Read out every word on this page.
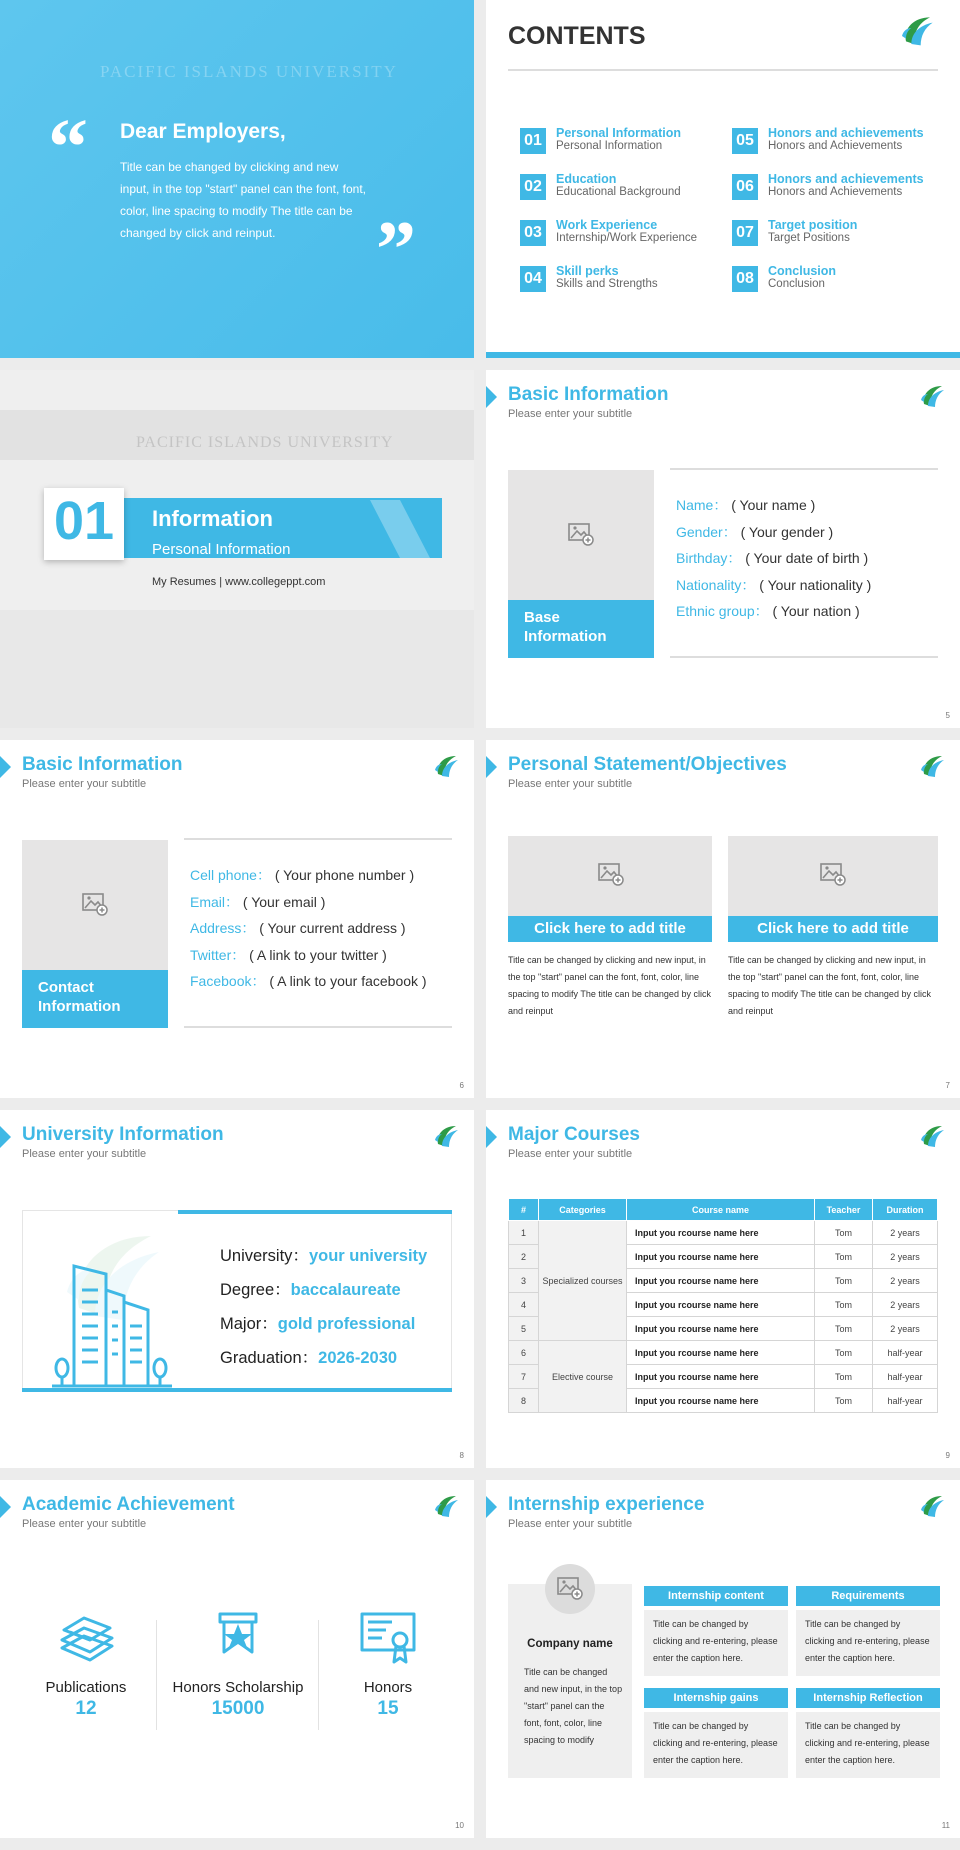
PACIFIC ISLANDS UNIVERSITY
“
”
Dear Employers,
Title can be changed by clicking and new input, in the top "start" panel can the font, font, color, line spacing to modify The title can be changed by click and reinput.
CONTENTS
01	Personal Information
Personal Information
02	Education
Educational Background
03	Work Experience
Internship/Work Experience
04	Skill perks
Skills and Strengths
05	Honors and achievements
Honors and Achievements
06	Honors and achievements
Honors and Achievements
07	Target position
Target Positions
08	Conclusion
Conclusion
PACIFIC ISLANDS UNIVERSITY
01	Information
Personal Information
My Resumes | www.collegeppt.com
Basic Information
Please enter your subtitle
Base Information
Name： ( Your name )
Gender： ( Your gender )
Birthday： ( Your date of birth )
Nationality： ( Your nationality )
Ethnic group： ( Your nation )
5
Basic Information
Please enter your subtitle
Contact Information
Cell phone： ( Your phone number )
Email： ( Your email )
Address： ( Your current address )
Twitter： ( A link to your twitter )
Facebook： ( A link to your facebook )
6
Personal Statement/Objectives
Please enter your subtitle
Click here to add title
Title can be changed by clicking and new input, in the top "start" panel can the font, font, color, line spacing to modify The title can be changed by click and reinput
Click here to add title
Title can be changed by clicking and new input, in the top "start" panel can the font, font, color, line spacing to modify The title can be changed by click and reinput
7
University Information
Please enter your subtitle
University：your university
Degree：baccalaureate
Major：gold professional
Graduation：2026-2030
8
Major Courses
Please enter your subtitle
#	Categories	Course name	Teacher	Duration
1	Specialized courses	Input you rcourse name here	Tom	2 years
2		Input you rcourse name here	Tom	2 years
3		Input you rcourse name here	Tom	2 years
4		Input you rcourse name here	Tom	2 years
5		Input you rcourse name here	Tom	2 years
6	Elective course	Input you rcourse name here	Tom	half-year
7		Input you rcourse name here	Tom	half-year
8		Input you rcourse name here	Tom	half-year
9
Academic Achievement
Please enter your subtitle
Publications
12
Honors Scholarship
15000
Honors
15
10
Internship experience
Please enter your subtitle
Company name
Title can be changed and new input, in the top "start" panel can the font, font, color, line spacing to modify
Internship content
Title can be changed by clicking and re-entering, please enter the caption here.
Requirements
Title can be changed by clicking and re-entering, please enter the caption here.
Internship gains
Title can be changed by clicking and re-entering, please enter the caption here.
Internship Reflection
Title can be changed by clicking and re-entering, please enter the caption here.
11
